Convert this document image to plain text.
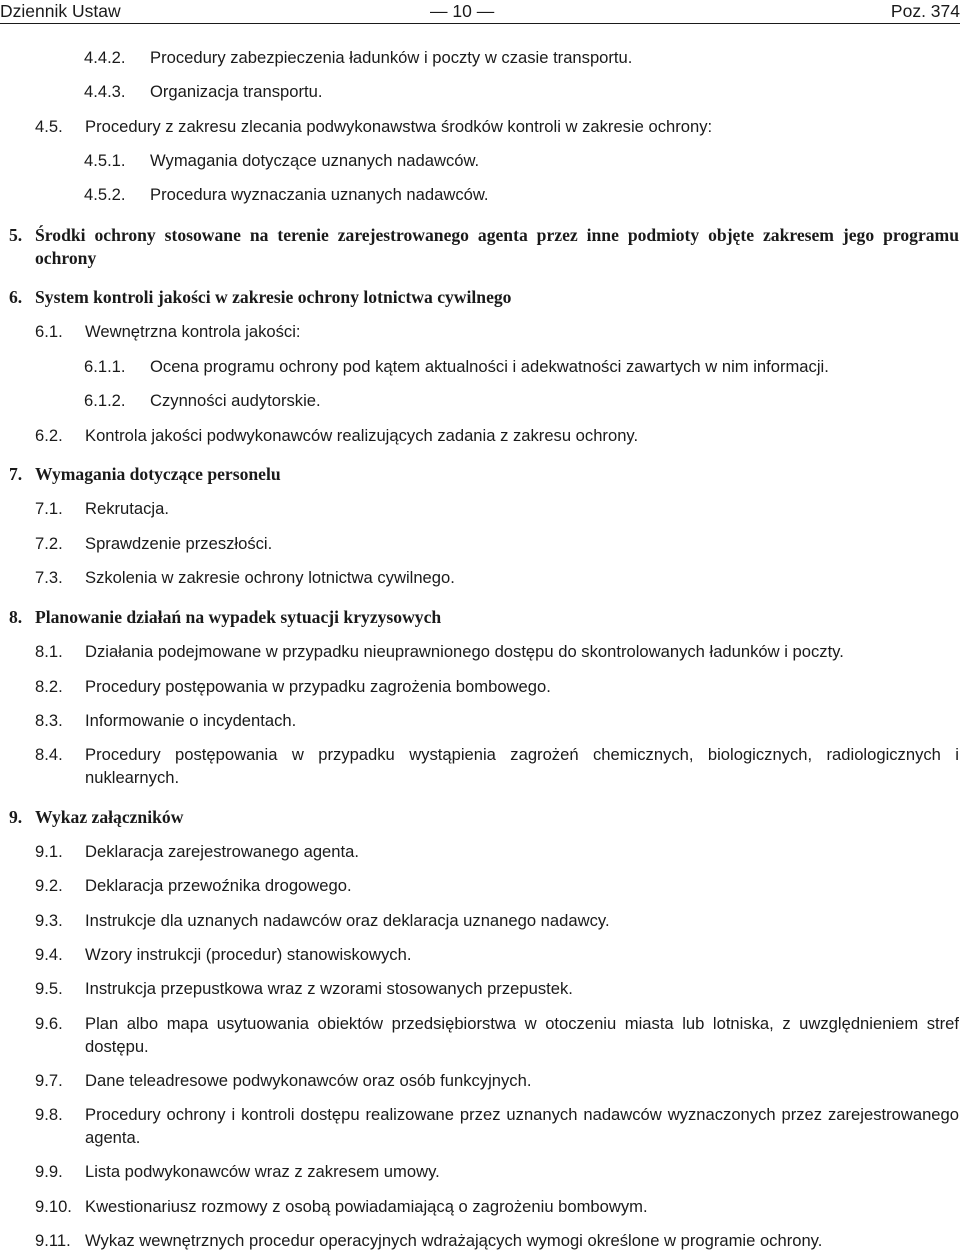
Dziennik Ustaw	— 10 —	Poz. 374
4.4.2. Procedury zabezpieczenia ładunków i poczty w czasie transportu.
4.4.3. Organizacja transportu.
4.5. Procedury z zakresu zlecania podwykonawstwa środków kontroli w zakresie ochrony:
4.5.1. Wymagania dotyczące uznanych nadawców.
4.5.2. Procedura wyznaczania uznanych nadawców.
5. Środki ochrony stosowane na terenie zarejestrowanego agenta przez inne podmioty objęte zakresem jego programu ochrony
6. System kontroli jakości w zakresie ochrony lotnictwa cywilnego
6.1. Wewnętrzna kontrola jakości:
6.1.1. Ocena programu ochrony pod kątem aktualności i adekwatności zawartych w nim informacji.
6.1.2. Czynności audytorskie.
6.2. Kontrola jakości podwykonawców realizujących zadania z zakresu ochrony.
7. Wymagania dotyczące personelu
7.1. Rekrutacja.
7.2. Sprawdzenie przeszłości.
7.3. Szkolenia w zakresie ochrony lotnictwa cywilnego.
8. Planowanie działań na wypadek sytuacji kryzysowych
8.1. Działania podejmowane w przypadku nieuprawnionego dostępu do skontrolowanych ładunków i poczty.
8.2. Procedury postępowania w przypadku zagrożenia bombowego.
8.3. Informowanie o incydentach.
8.4. Procedury postępowania w przypadku wystąpienia zagrożeń chemicznych, biologicznych, radiologicznych i nuklearnych.
9. Wykaz załączników
9.1. Deklaracja zarejestrowanego agenta.
9.2. Deklaracja przewoźnika drogowego.
9.3. Instrukcje dla uznanych nadawców oraz deklaracja uznanego nadawcy.
9.4. Wzory instrukcji (procedur) stanowiskowych.
9.5. Instrukcja przepustkowa wraz z wzorami stosowanych przepustek.
9.6. Plan albo mapa usytuowania obiektów przedsiębiorstwa w otoczeniu miasta lub lotniska, z uwzględnieniem stref dostępu.
9.7. Dane teleadresowe podwykonawców oraz osób funkcyjnych.
9.8. Procedury ochrony i kontroli dostępu realizowane przez uznanych nadawców wyznaczonych przez zarejestrowanego agenta.
9.9. Lista podwykonawców wraz z zakresem umowy.
9.10. Kwestionariusz rozmowy z osobą powiadamiającą o zagrożeniu bombowym.
9.11. Wykaz wewnętrznych procedur operacyjnych wdrażających wymogi określone w programie ochrony.
